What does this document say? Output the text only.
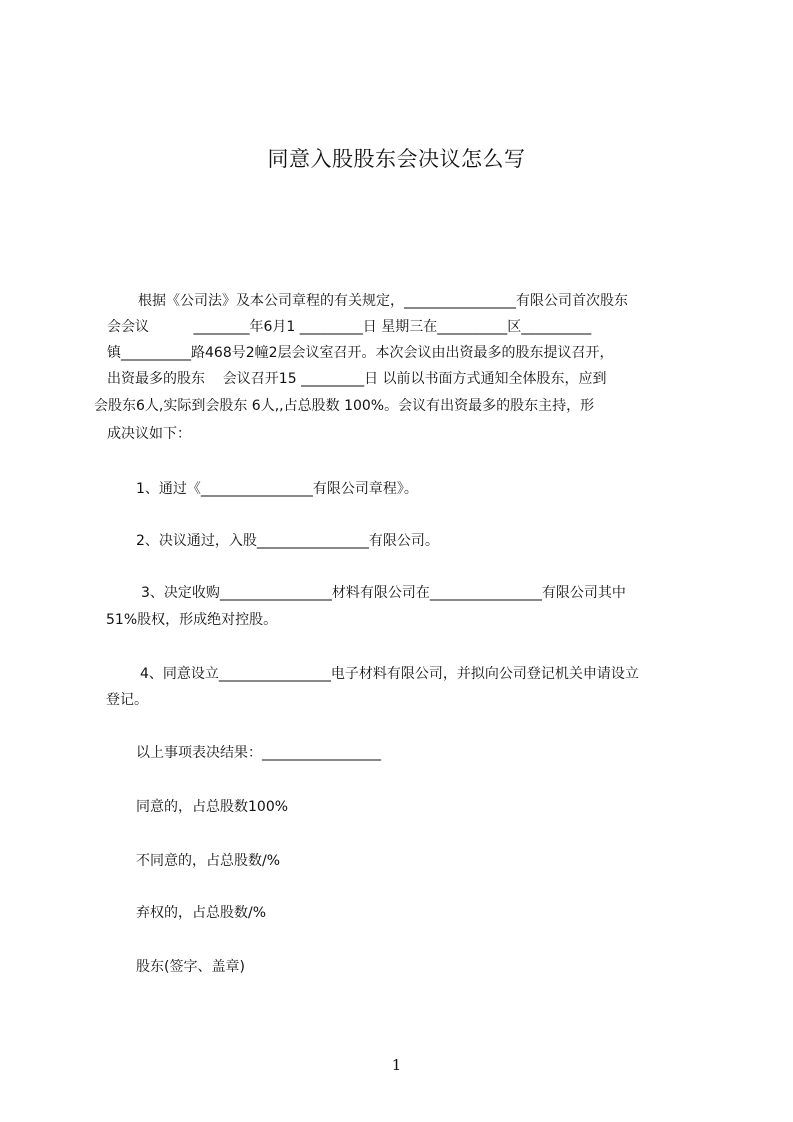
同意入股股东会决议怎么写
根据《公司法》及本公司章程的有关规定，________________有限公司首次股东
会会议          ________年6月1 _________日 星期三在__________区__________
镇__________路468号2幢2层会议室召开。本次会议由出资最多的股东提议召开，
出资最多的股东    会议召开15 _________日 以前以书面方式通知全体股东，应到
会股东6人,实际到会股东 6人,,占总股数 100%。会议有出资最多的股东主持，形
成决议如下：
1、通过《________________有限公司章程》。
2、决议通过，入股________________有限公司。
3、决定收购________________材料有限公司在________________有限公司其中
51%股权，形成绝对控股。
4、同意设立________________电子材料有限公司，并拟向公司登记机关申请设立
登记。
以上事项表决结果：_________________
同意的，占总股数100%
不同意的，占总股数/%
弃权的，占总股数/%
股东(签字、盖章)
1
